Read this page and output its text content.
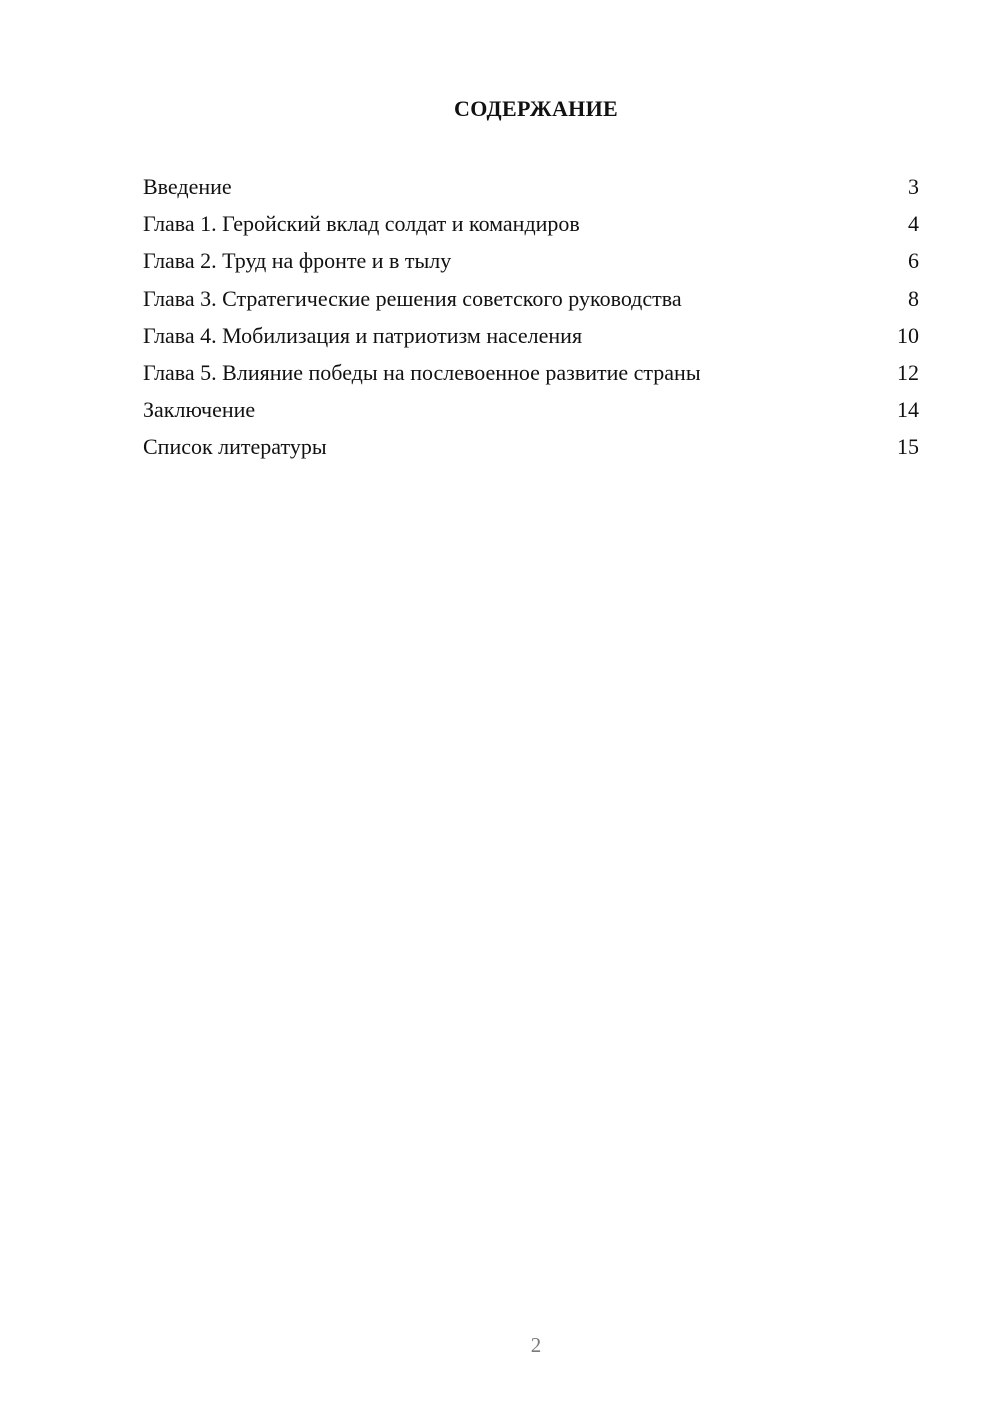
СОДЕРЖАНИЕ
Введение	3
Глава 1. Геройский вклад солдат и командиров	4
Глава 2. Труд на фронте и в тылу	6
Глава 3. Стратегические решения советского руководства	8
Глава 4. Мобилизация и патриотизм населения	10
Глава 5. Влияние победы на послевоенное развитие страны	12
Заключение	14
Список литературы	15
2
